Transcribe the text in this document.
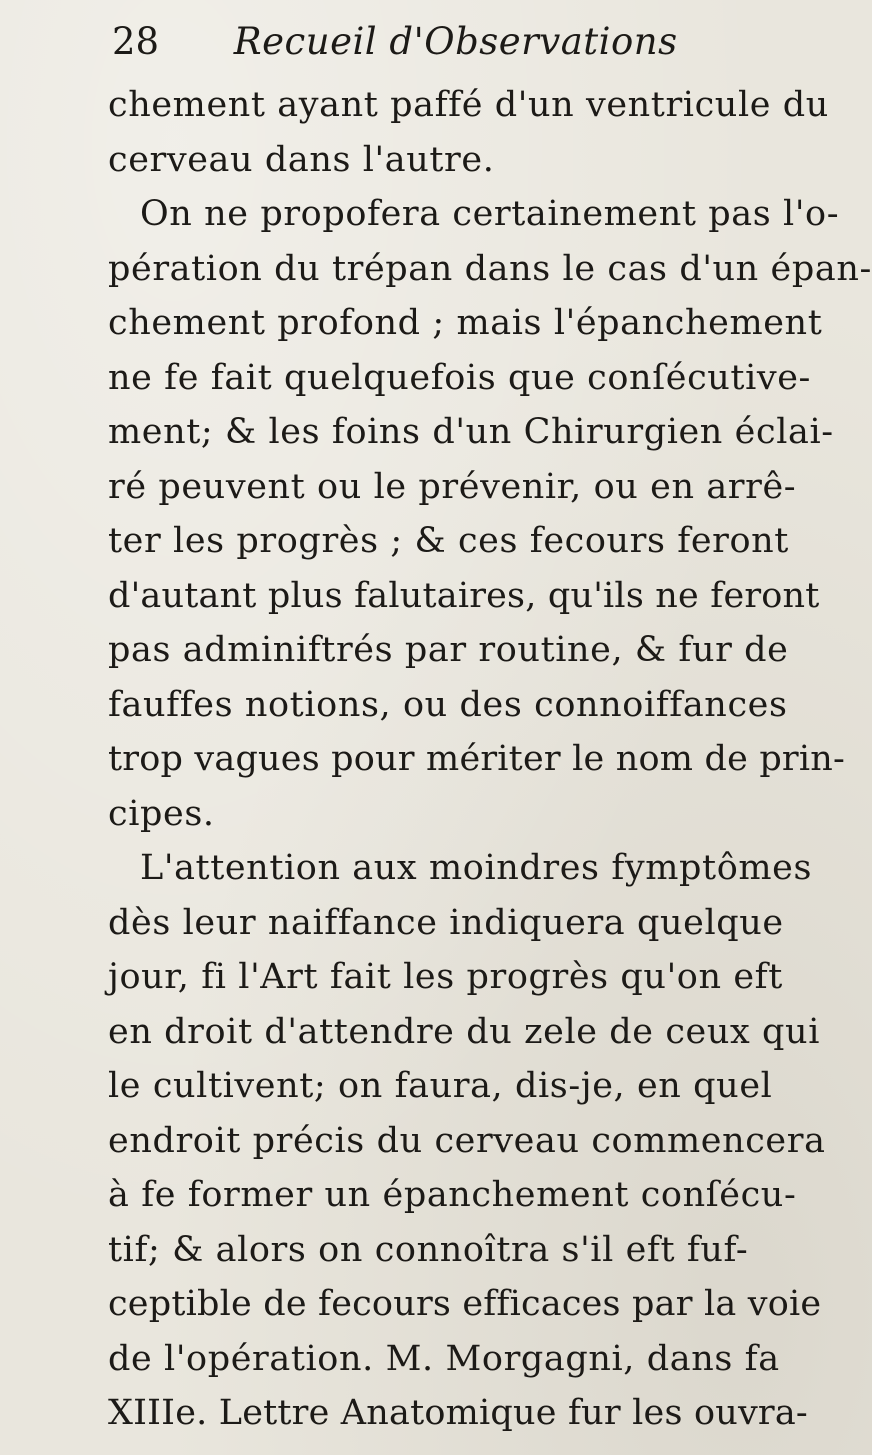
28 Recueil d'Observations
chement ayant paffé d'un ventricule du
cerveau dans l'autre.
On ne propofera certainement pas l'o-
pération du trépan dans le cas d'un épan-
chement profond ; mais l'épanchement
ne fe fait quelquefois que conſécutive-
ment; & les foins d'un Chirurgien éclai-
ré peuvent ou le prévenir, ou en arrê-
ter les progrès ; & ces fecours feront
d'autant plus falutaires, qu'ils ne feront
pas adminiftrés par routine, & fur de
fauffes notions, ou des connoiffances
trop vagues pour mériter le nom de prin-
cipes.
L'attention aux moindres fymptômes
dès leur naiffance indiquera quelque
jour, fi l'Art fait les progrès qu'on eft
en droit d'attendre du zele de ceux qui
le cultivent; on faura, dis-je, en quel
endroit précis du cerveau commencera
à fe former un épanchement conſécu-
tif; & alors on connoîtra s'il eft fuf-
ceptible de fecours efficaces par la voie
de l'opération. M. Morgagni, dans fa
XIIIe. Lettre Anatomique fur les ouvra-
